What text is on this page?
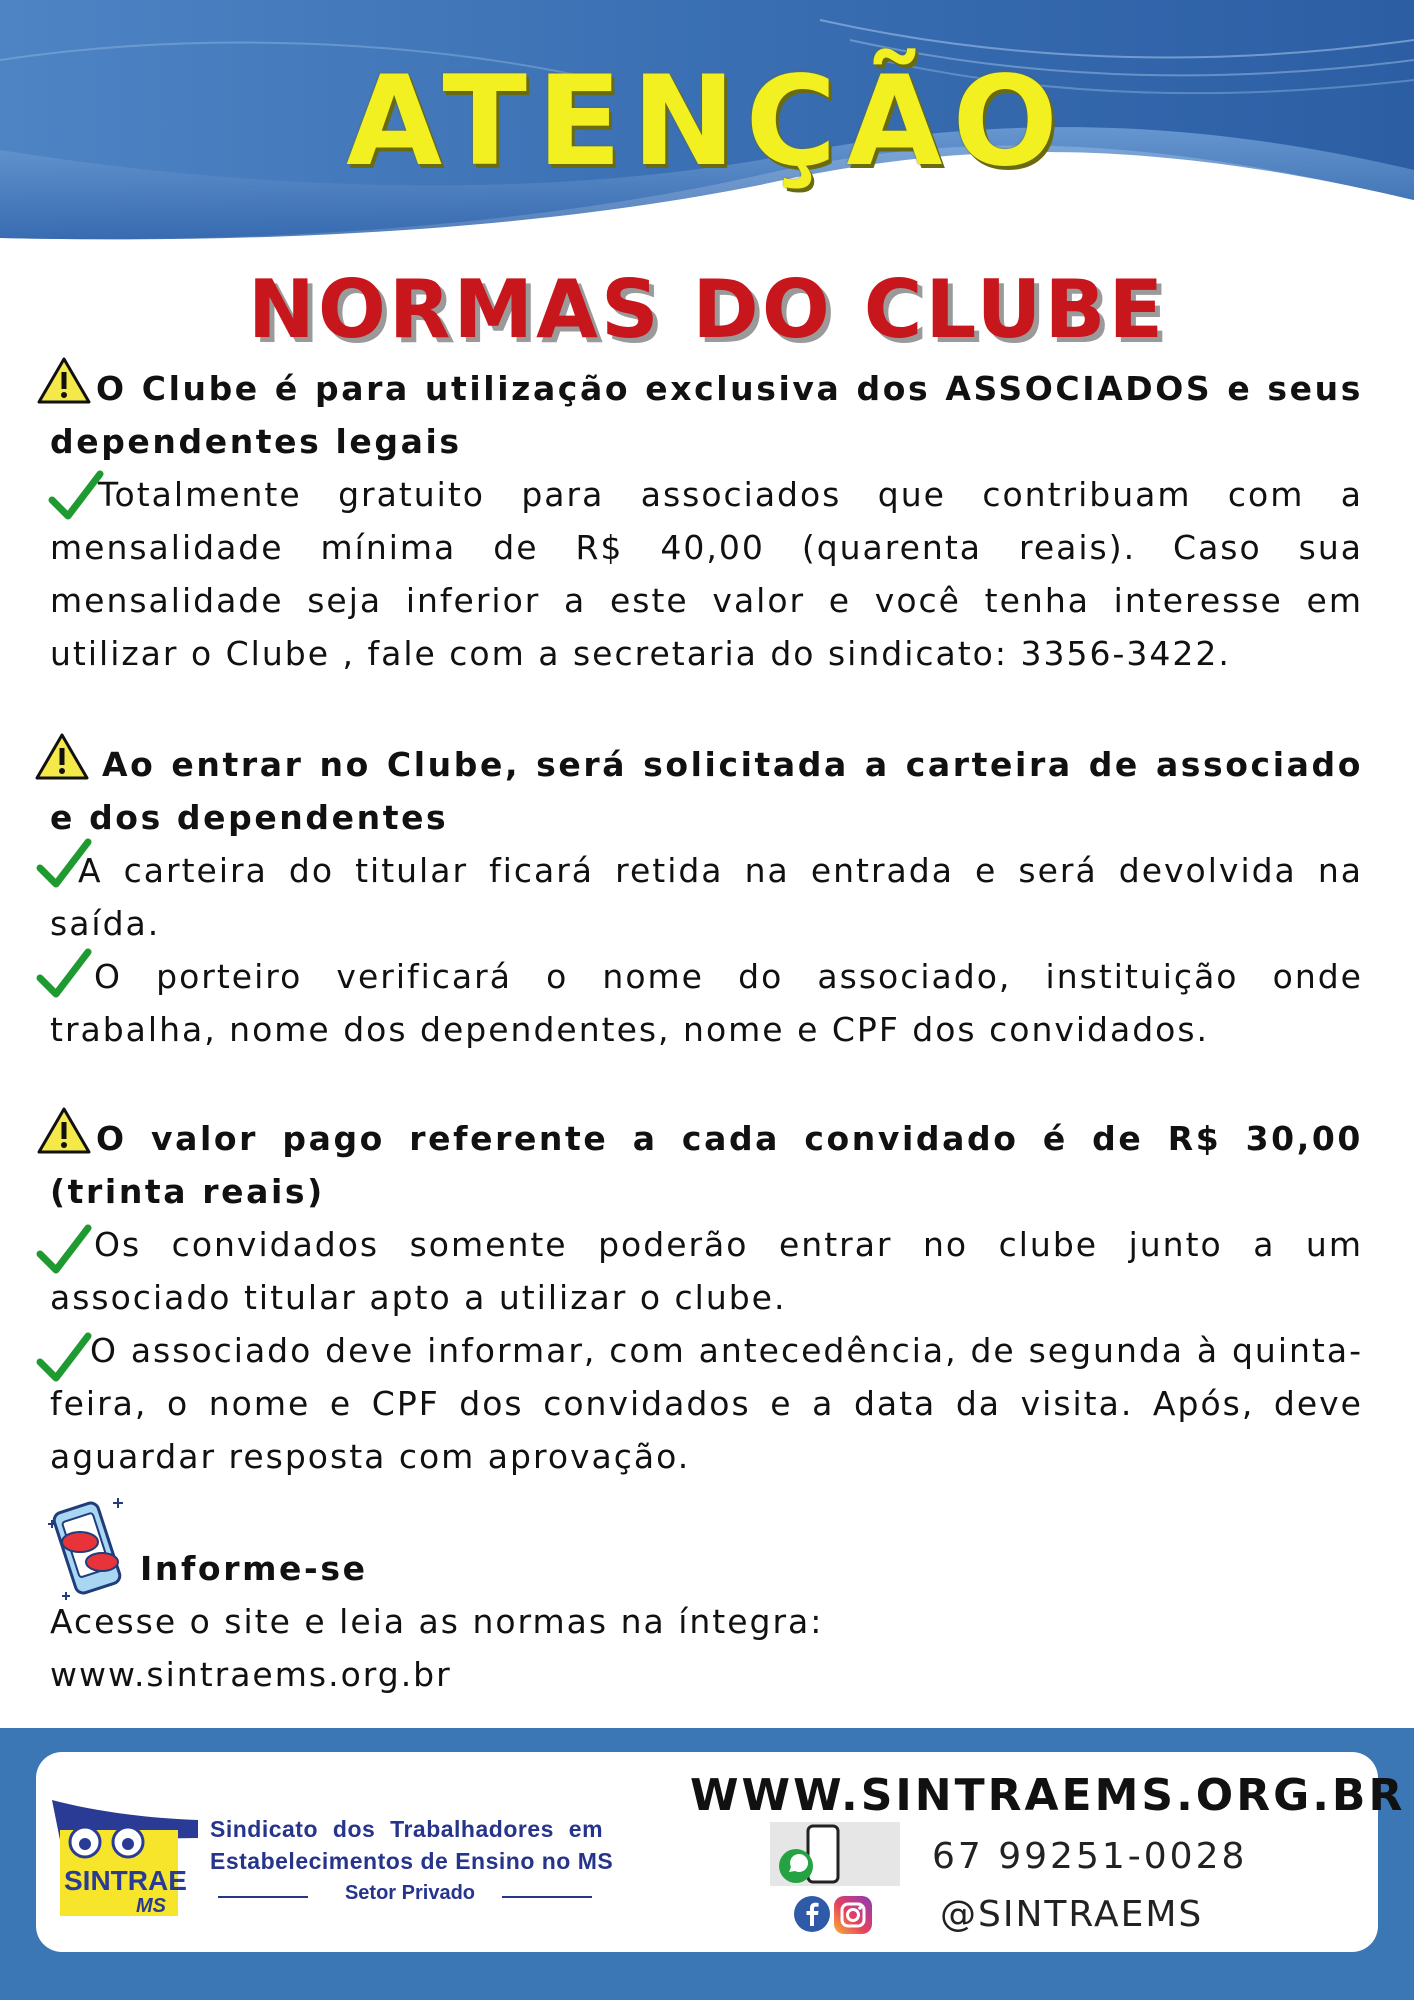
ATENÇÃO
NORMAS DO CLUBE
O Clube é para utilização exclusiva dos ASSOCIADOS e seus dependentes legais
Totalmente gratuito para associados que contribuam com a mensalidade mínima de R$ 40,00 (quarenta reais). Caso sua mensalidade seja inferior a este valor e você tenha interesse em utilizar o Clube , fale com a secretaria do sindicato: 3356-3422.
Ao entrar no Clube, será solicitada a carteira de associado e dos dependentes
A carteira do titular ficará retida na entrada e será devolvida na saída.
O porteiro verificará o nome do associado, instituição onde trabalha, nome dos dependentes, nome e CPF dos convidados.
O valor pago referente a cada convidado é de R$ 30,00 (trinta reais)
Os convidados somente poderão entrar no clube junto a um associado titular apto a utilizar o clube.
O associado deve informar, com antecedência, de segunda à quinta-feira, o nome e CPF dos convidados e a data da visita. Após, deve aguardar resposta com aprovação.
Informe-se
Acesse o site e leia as normas na íntegra:
www.sintraems.org.br
SINTRAE
MS
Sindicato dos Trabalhadores em
Estabelecimentos de Ensino no MS
Setor Privado
WWW.SINTRAEMS.ORG.BR
67 99251-0028
@SINTRAEMS
